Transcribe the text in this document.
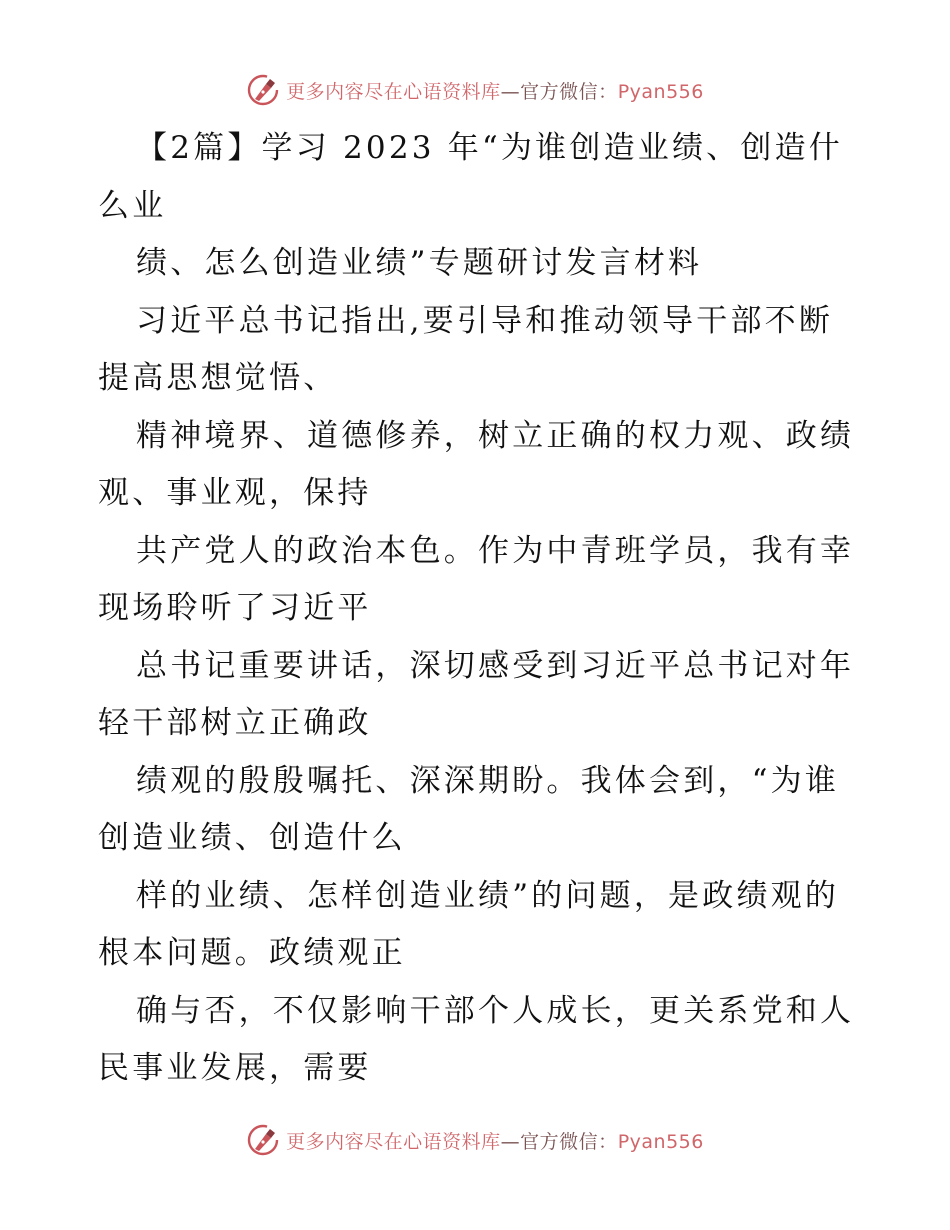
更多内容尽在心语资料库—官方微信：Pyan556
【2篇】学习 2023 年“为谁创造业绩、创造什
么业
绩、怎么创造业绩”专题研讨发言材料
习近平总书记指出,要引导和推动领导干部不断
提高思想觉悟、
精神境界、道德修养，树立正确的权力观、政绩
观、事业观，保持
共产党人的政治本色。作为中青班学员，我有幸
现场聆听了习近平
总书记重要讲话，深切感受到习近平总书记对年
轻干部树立正确政
绩观的殷殷嘱托、深深期盼。我体会到，“为谁
创造业绩、创造什么
样的业绩、怎样创造业绩”的问题，是政绩观的
根本问题。政绩观正
确与否，不仅影响干部个人成长，更关系党和人
民事业发展，需要
更多内容尽在心语资料库—官方微信：Pyan556
